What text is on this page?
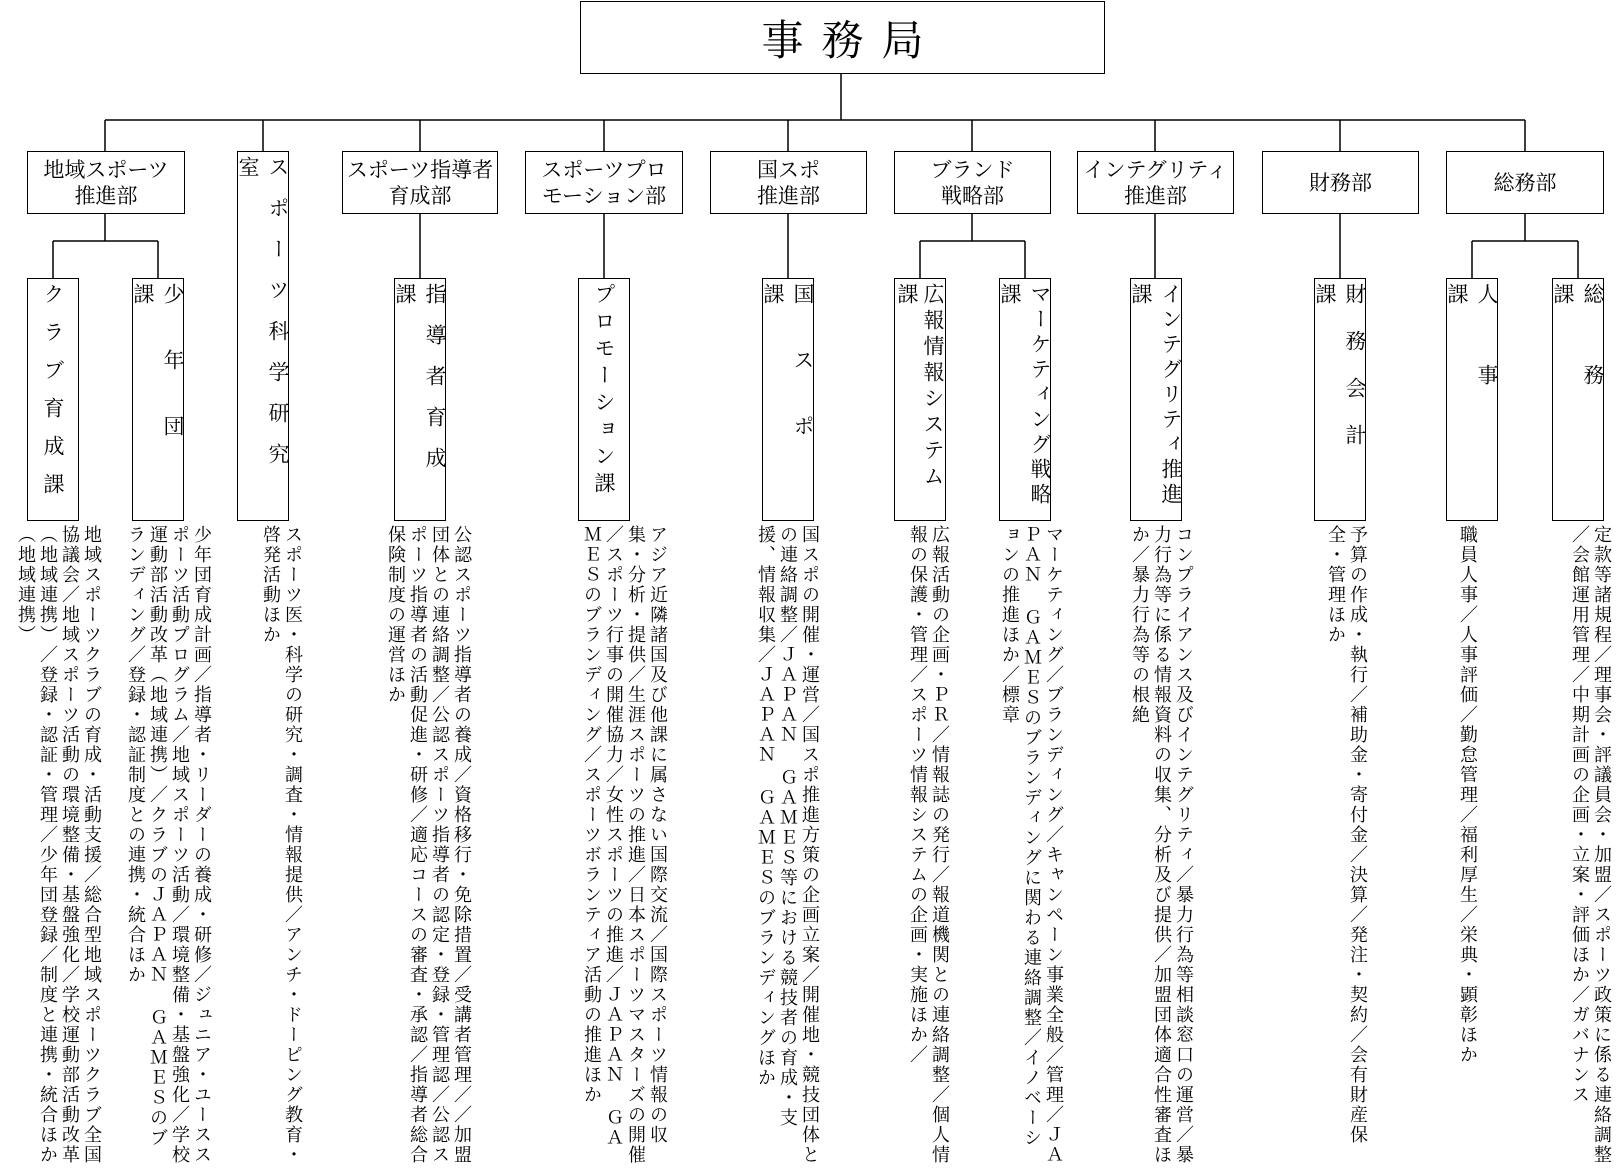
事務局
地域スポーツ
推進部	スポーツ科学研究室	スポーツ指導者
育成部
スポーツプロ
モーション部
国スポ
推進部
ブランド
戦略部
インテグリティ
推進部
財務部	総務部
クラブ育成課	少年団課	指導者育成課	プロモーション課	国スポ課	広報情報システム課	マーケティング戦略課	インテグリティ推進課	財務会計課	人事課	総務課
地域スポーツクラブの育成・活動支援／総合型地域スポーツクラブ全国協議会／地域スポーツ活動の環境整備・基盤強化／学校運動部活動改革（地域連携）／登録・認証・管理／少年団登録／制度と連携・統合ほか（地域連携）	少年団育成計画／指導者・リーダーの養成・研修／ジュニア・ユーススポーツ活動プログラム／地域スポーツ活動／環境整備・基盤強化／学校運動部活動改革（地域連携）／クラブのＪＡＰＡＮ ＧＡＭＥＳのブランディング／登録・認証制度との連携・統合ほか	スポーツ医・科学の研究・調査・情報提供／アンチ・ドーピング教育・啓発活動ほか	公認スポーツ指導者の養成／資格移行・免除措置／受講者管理／／加盟団体との連絡調整／公認スポーツ指導者の認定・登録・管理認／公認スポーツ指導者の活動促進・研修／適応コースの審査・承認／指導者総合保険制度の運営ほか	アジア近隣諸国及び他課に属さない国際交流／国際スポーツ情報の収集・分析・提供／生涯スポーツの推進／日本スポーツマスターズの開催／スポーツ行事の開催協力／女性スポーツの推進／ＪＡＰＡＮ ＧＡＭＥＳのブランディング／スポーツボランティア活動の推進ほか	国スポの開催・運営／国スポ推進方策の企画立案／開催地・競技団体との連絡調整／ＪＡＰＡＮ ＧＡＭＥＳ等における競技者の育成・支援、情報収集／ＪＡＰＡＮ ＧＡＭＥＳのブランディングほか	広報活動の企画・ＰＲ／情報誌の発行／報道機関との連絡調整／個人情報の保護・管理／スポーツ情報システムの企画・実施ほか／	マーケティング／ブランディング／キャンペーン事業全般／管理／ＪＡＰＡＮ ＧＡＭＥＳのブランディングに関わる連絡調整／イノベーションの推進ほか／標章	コンプライアンス及びインテグリティ／暴力行為等相談窓口の運営／暴力行為等に係る情報資料の収集、分析及び提供／加盟団体適合性審査ほか／暴力行為等の根絶	予算の作成・執行／補助金・寄付金／決算／発注・契約／会有財産保全・管理ほか	職員人事／人事評価／勤怠管理／福利厚生／栄典・顕彰ほか	定款等諸規程／理事会・評議員会・加盟／スポーツ政策に係る連絡調整／会館運用管理／中期計画の企画・立案・評価ほか／ガバナンス
